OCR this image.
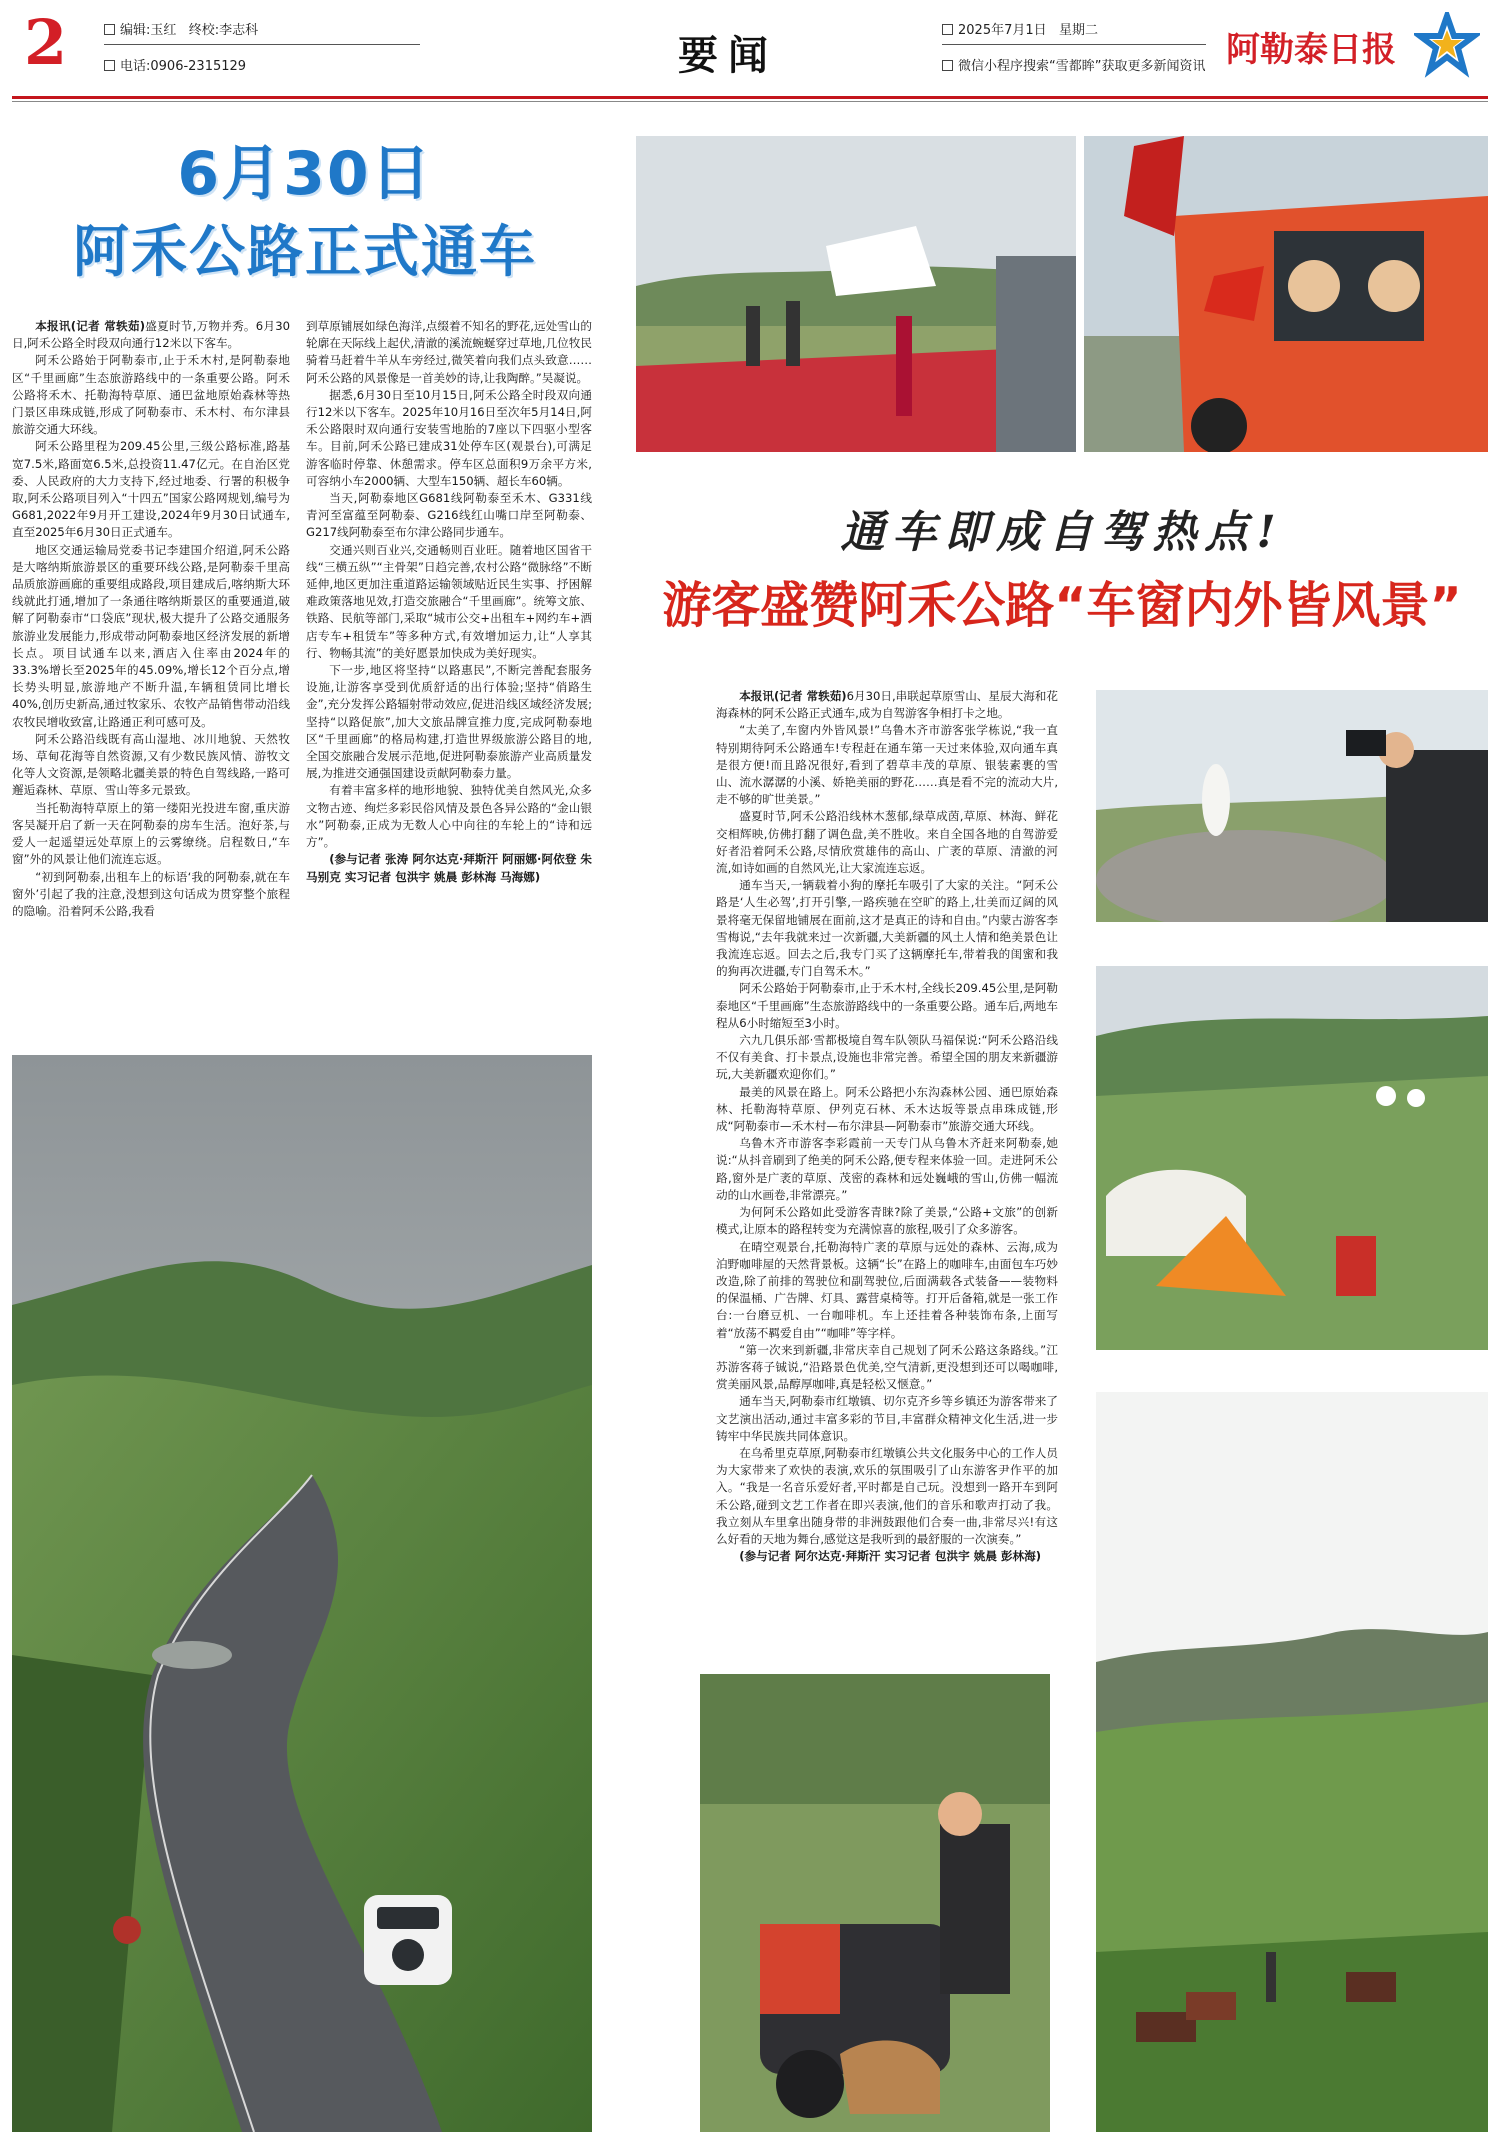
2	编辑:玉红 终校:李志科
电话:0906-2315129	要闻
2025年7月1日 星期二
微信小程序搜索“雪都眸”获取更多新闻资讯 阿勒泰日报
6月30日
阿禾公路正式通车

本报讯(记者 常轶茹)盛夏时节,万物并秀。6月30日,阿禾公路全时段双向通行12米以下客车。

阿禾公路始于阿勒泰市,止于禾木村,是阿勒泰地区“千里画廊”生态旅游路线中的一条重要公路。阿禾公路将禾木、托勒海特草原、通巴盆地原始森林等热门景区串珠成链,形成了阿勒泰市、禾木村、布尔津县旅游交通大环线。

阿禾公路里程为209.45公里,三级公路标准,路基宽7.5米,路面宽6.5米,总投资11.47亿元。在自治区党委、人民政府的大力支持下,经过地委、行署的积极争取,阿禾公路项目列入“十四五”国家公路网规划,编号为G681,2022年9月开工建设,2024年9月30日试通车,直至2025年6月30日正式通车。

地区交通运输局党委书记李建国介绍道,阿禾公路是大喀纳斯旅游景区的重要环线公路,是阿勒泰千里高品质旅游画廊的重要组成路段,项目建成后,喀纳斯大环线就此打通,增加了一条通往喀纳斯景区的重要通道,破解了阿勒泰市“口袋底”现状,极大提升了公路交通服务旅游业发展能力,形成带动阿勒泰地区经济发展的新增长点。项目试通车以来,酒店入住率由2024年的33.3%增长至2025年的45.09%,增长12个百分点,增长势头明显,旅游地产不断升温,车辆租赁同比增长40%,创历史新高,通过牧家乐、农牧产品销售带动沿线农牧民增收致富,让路通正利可感可及。

阿禾公路沿线既有高山湿地、冰川地貌、天然牧场、草甸花海等自然资源,又有少数民族风情、游牧文化等人文资源,是领略北疆美景的特色自驾线路,一路可邂逅森林、草原、雪山等多元景致。

当托勒海特草原上的第一缕阳光投进车窗,重庆游客吴凝开启了新一天在阿勒泰的房车生活。泡好茶,与爱人一起遥望远处草原上的云雾缭绕。启程数日,“车窗”外的风景让他们流连忘返。

“初到阿勒泰,出租车上的标语‘我的阿勒泰,就在车窗外’引起了我的注意,没想到这句话成为贯穿整个旅程的隐喻。沿着阿禾公路,我看

到草原铺展如绿色海洋,点缀着不知名的野花,远处雪山的轮廓在天际线上起伏,清澈的溪流蜿蜒穿过草地,几位牧民骑着马赶着牛羊从车旁经过,微笑着向我们点头致意……阿禾公路的风景像是一首美妙的诗,让我陶醉。”吴凝说。

据悉,6月30日至10月15日,阿禾公路全时段双向通行12米以下客车。2025年10月16日至次年5月14日,阿禾公路限时双向通行安装雪地胎的7座以下四驱小型客车。目前,阿禾公路已建成31处停车区(观景台),可满足游客临时停靠、休憩需求。停车区总面积9万余平方米,可容纳小车2000辆、大型车150辆、超长车60辆。

当天,阿勒泰地区G681线阿勒泰至禾木、G331线青河至富蕴至阿勒泰、G216线红山嘴口岸至阿勒泰、G217线阿勒泰至布尔津公路同步通车。

交通兴则百业兴,交通畅则百业旺。随着地区国省干线“三横五纵”“主骨架”日趋完善,农村公路“微脉络”不断延伸,地区更加注重道路运输领域贴近民生实事、抒困解难政策落地见效,打造交旅融合“千里画廊”。统筹文旅、铁路、民航等部门,采取“城市公交+出租车+网约车+酒店专车+租赁车”等多种方式,有效增加运力,让“人享其行、物畅其流”的美好愿景加快成为美好现实。

下一步,地区将坚持“以路惠民”,不断完善配套服务设施,让游客享受到优质舒适的出行体验;坚持“俏路生金”,充分发挥公路辐射带动效应,促进沿线区域经济发展;坚持“以路促旅”,加大文旅品牌宣推力度,完成阿勒泰地区“千里画廊”的格局构建,打造世界级旅游公路目的地,全国交旅融合发展示范地,促进阿勒泰旅游产业高质量发展,为推进交通强国建设贡献阿勒泰力量。

有着丰富多样的地形地貌、独特优美自然风光,众多文物古迹、绚烂多彩民俗风情及景色各异公路的“金山银水”阿勒泰,正成为无数人心中向往的车轮上的“诗和远方”。

(参与记者 张涛 阿尔达克·拜斯汗 阿丽娜·阿依登 朱马别克 实习记者 包洪宇 姚晨 彭林海 马海娜)

通车即成自驾热点!
游客盛赞阿禾公路“车窗内外皆风景”

本报讯(记者 常轶茹)6月30日,串联起草原雪山、星辰大海和花海森林的阿禾公路正式通车,成为自驾游客争相打卡之地。

“太美了,车窗内外皆风景!”乌鲁木齐市游客张学栋说,“我一直特别期待阿禾公路通车!专程赶在通车第一天过来体验,双向通车真是很方便!而且路况很好,看到了碧草丰茂的草原、银装素裹的雪山、流水潺潺的小溪、娇艳美丽的野花……真是看不完的流动大片,走不够的旷世美景。”

盛夏时节,阿禾公路沿线林木葱郁,绿草成茵,草原、林海、鲜花交相辉映,仿佛打翻了调色盘,美不胜收。来自全国各地的自驾游爱好者沿着阿禾公路,尽情欣赏雄伟的高山、广袤的草原、清澈的河流,如诗如画的自然风光,让大家流连忘返。

通车当天,一辆载着小狗的摩托车吸引了大家的关注。“阿禾公路是‘人生必驾’,打开引擎,一路疾驰在空旷的路上,壮美而辽阔的风景将毫无保留地铺展在面前,这才是真正的诗和自由。”内蒙古游客李雪梅说,“去年我就来过一次新疆,大美新疆的风土人情和绝美景色让我流连忘返。回去之后,我专门买了这辆摩托车,带着我的闺蜜和我的狗再次进疆,专门自驾禾木。”

阿禾公路始于阿勒泰市,止于禾木村,全线长209.45公里,是阿勒泰地区“千里画廊”生态旅游路线中的一条重要公路。通车后,两地车程从6小时缩短至3小时。

六九几俱乐部·雪都极境自驾车队领队马福保说:“阿禾公路沿线不仅有美食、打卡景点,设施也非常完善。希望全国的朋友来新疆游玩,大美新疆欢迎你们。”

最美的风景在路上。阿禾公路把小东沟森林公园、通巴原始森林、托勒海特草原、伊列克石林、禾木达坂等景点串珠成链,形成“阿勒泰市—禾木村—布尔津县—阿勒泰市”旅游交通大环线。

乌鲁木齐市游客李彩霞前一天专门从乌鲁木齐赶来阿勒泰,她说:“从抖音刷到了绝美的阿禾公路,便专程来体验一回。走进阿禾公路,窗外是广袤的草原、茂密的森林和远处巍峨的雪山,仿佛一幅流动的山水画卷,非常漂亮。”

为何阿禾公路如此受游客青睐?除了美景,“公路+文旅”的创新模式,让原本的路程转变为充满惊喜的旅程,吸引了众多游客。

在晴空观景台,托勒海特广袤的草原与远处的森林、云海,成为泊野咖啡屋的天然背景板。这辆“长”在路上的咖啡车,由面包车巧妙改造,除了前排的驾驶位和副驾驶位,后面满载各式装备——装物料的保温桶、广告牌、灯具、露营桌椅等。打开后备箱,就是一张工作台:一台磨豆机、一台咖啡机。车上还挂着各种装饰布条,上面写着“放荡不羁爱自由”“咖啡”等字样。

“第一次来到新疆,非常庆幸自己规划了阿禾公路这条路线。”江苏游客蒋子铖说,“沿路景色优美,空气清新,更没想到还可以喝咖啡,赏美丽风景,品醇厚咖啡,真是轻松又惬意。”

通车当天,阿勒泰市红墩镇、切尔克齐乡等乡镇还为游客带来了文艺演出活动,通过丰富多彩的节目,丰富群众精神文化生活,进一步铸牢中华民族共同体意识。

在乌希里克草原,阿勒泰市红墩镇公共文化服务中心的工作人员为大家带来了欢快的表演,欢乐的氛围吸引了山东游客尹作平的加入。“我是一名音乐爱好者,平时都是自己玩。没想到一路开车到阿禾公路,碰到文艺工作者在即兴表演,他们的音乐和歌声打动了我。我立刻从车里拿出随身带的非洲鼓跟他们合奏一曲,非常尽兴!有这么好看的天地为舞台,感觉这是我听到的最舒服的一次演奏。”

(参与记者 阿尔达克·拜斯汗 实习记者 包洪宇 姚晨 彭林海)
